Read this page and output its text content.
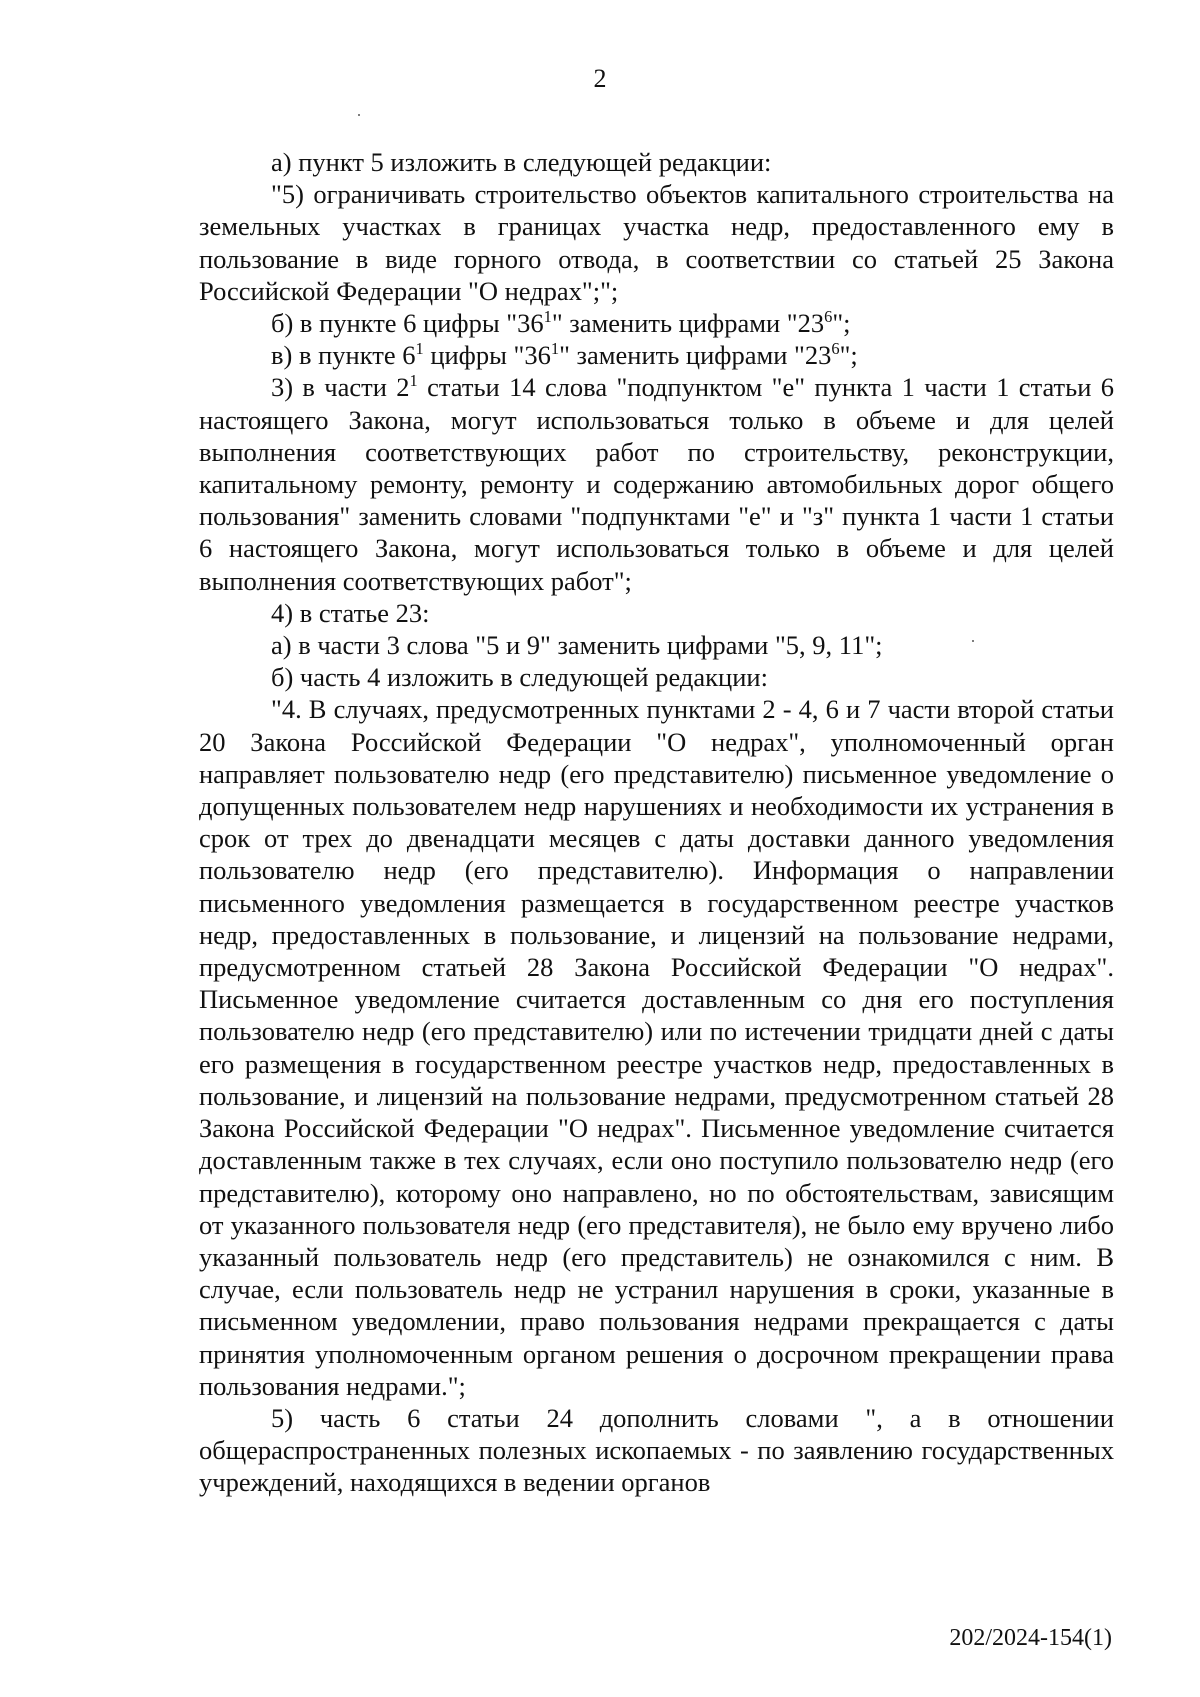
2

а) пункт 5 изложить в следующей редакции:

"5) ограничивать строительство объектов капитального строительства на земельных участках в границах участка недр, предоставленного ему в пользование в виде горного отвода, в соответствии со статьей 25 Закона Российской Федерации "О недрах";";

б) в пункте 6 цифры "$36^1$" заменить цифрами "$23^6$";

в) в пункте $6^1$ цифры "$36^1$" заменить цифрами "$23^6$";

3) в части $2^1$ статьи 14 слова "подпунктом "е" пункта 1 части 1 статьи 6 настоящего Закона, могут использоваться только в объеме и для целей выполнения соответствующих работ по строительству, реконструкции, капитальному ремонту, ремонту и содержанию автомобильных дорог общего пользования" заменить словами "подпунктами "е" и "з" пункта 1 части 1 статьи 6 настоящего Закона, могут использоваться только в объеме и для целей выполнения соответствующих работ";

4) в статье 23:

а) в части 3 слова "5 и 9" заменить цифрами "5, 9, 11";

б) часть 4 изложить в следующей редакции:

"4. В случаях, предусмотренных пунктами 2 - 4, 6 и 7 части второй статьи 20 Закона Российской Федерации "О недрах", уполномоченный орган направляет пользователю недр (его представителю) письменное уведомление о допущенных пользователем недр нарушениях и необходимости их устранения в срок от трех до двенадцати месяцев с даты доставки данного уведомления пользователю недр (его представителю). Информация о направлении письменного уведомления размещается в государственном реестре участков недр, предоставленных в пользование, и лицензий на пользование недрами, предусмотренном статьей 28 Закона Российской Федерации "О недрах". Письменное уведомление считается доставленным со дня его поступления пользователю недр (его представителю) или по истечении тридцати дней с даты его размещения в государственном реестре участков недр, предоставленных в пользование, и лицензий на пользование недрами, предусмотренном статьей 28 Закона Российской Федерации "О недрах". Письменное уведомление считается доставленным также в тех случаях, если оно поступило пользователю недр (его представителю), которому оно направлено, но по обстоятельствам, зависящим от указанного пользователя недр (его представителя), не было ему вручено либо указанный пользователь недр (его представитель) не ознакомился с ним. В случае, если пользователь недр не устранил нарушения в сроки, указанные в письменном уведомлении, право пользования недрами прекращается с даты принятия уполномоченным органом решения о досрочном прекращении права пользования недрами.";

5) часть 6 статьи 24 дополнить словами ", а в отношении общераспространенных полезных ископаемых - по заявлению государственных учреждений, находящихся в ведении органов

202/2024-154(1)
